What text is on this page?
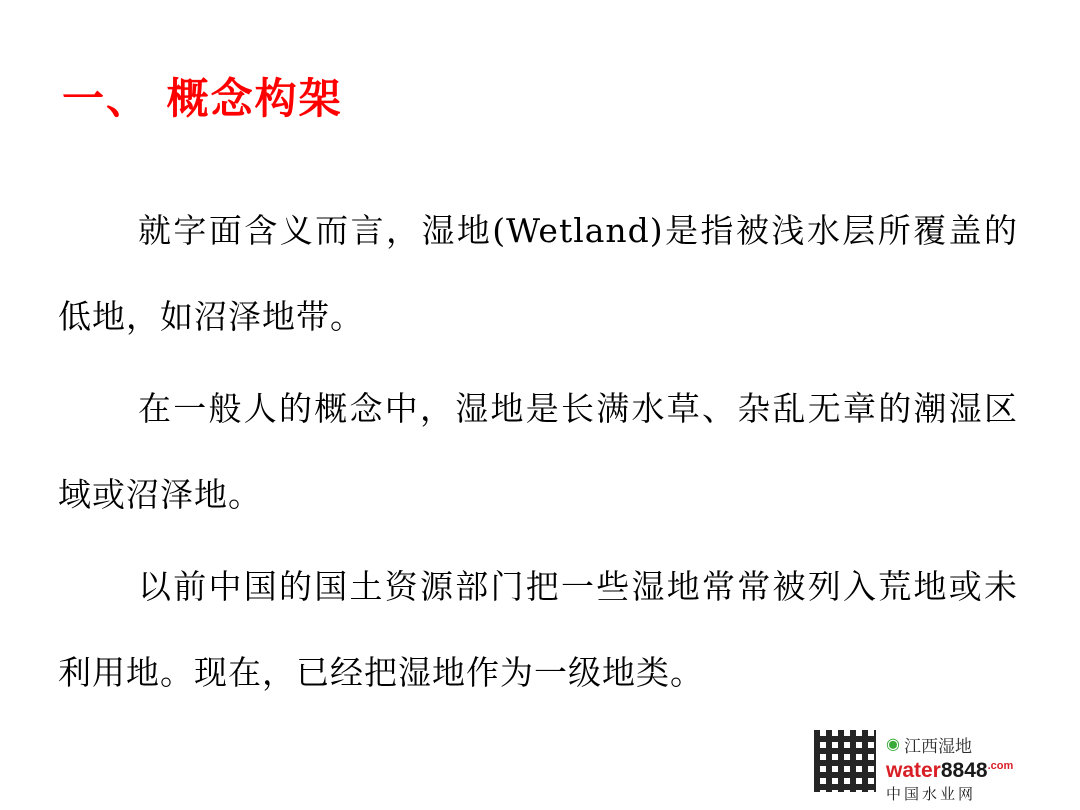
一、 概念构架

就字面含义而言，湿地(Wetland)是指被浅水层所覆盖的低地，如沼泽地带。

在一般人的概念中，湿地是长满水草、杂乱无章的潮湿区域或沼泽地。

以前中国的国土资源部门把一些湿地常常被列入荒地或未利用地。现在，已经把湿地作为一级地类。

◉ 江西湿地
$water8848^{.com}$
中国水业网
